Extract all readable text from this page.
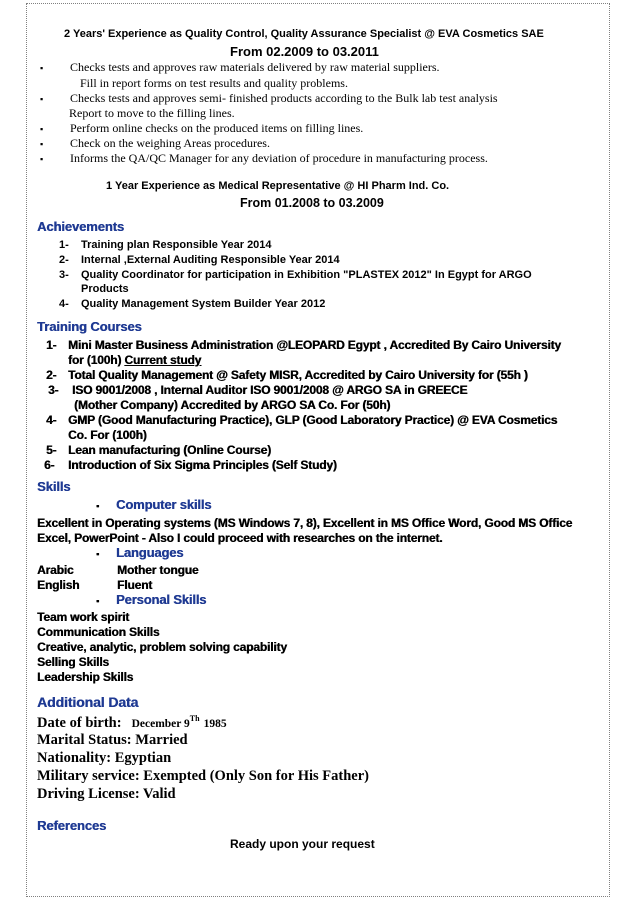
2 Years' Experience as Quality Control, Quality Assurance Specialist @ EVA Cosmetics SAE
From 02.2009 to 03.2011
▪ Checks tests and approves raw materials delivered by raw material suppliers.
Fill in report forms on test results and quality problems.
▪ Checks tests and approves semi- finished products according to the Bulk lab test analysis
Report to move to the filling lines.
▪ Perform online checks on the produced items on filling lines.
▪ Check on the weighing Areas procedures.
▪ Informs the QA/QC Manager for any deviation of procedure in manufacturing process.
1 Year Experience as Medical Representative @ HI Pharm Ind. Co.
From 01.2008 to 03.2009
Achievements
1- Training plan Responsible Year 2014
2- Internal ,External Auditing Responsible Year 2014
3- Quality Coordinator for participation in Exhibition "PLASTEX 2012" In Egypt for ARGO
Products
4- Quality Management System Builder Year 2012
Training Courses
1- Mini Master Business Administration @LEOPARD Egypt , Accredited By Cairo University
for (100h) Current study
2- Total Quality Management @ Safety MISR, Accredited by Cairo University for (55h )
3- ISO 9001/2008 , Internal Auditor ISO 9001/2008 @ ARGO SA in GREECE
(Mother Company) Accredited by ARGO SA Co. For (50h)
4- GMP (Good Manufacturing Practice), GLP (Good Laboratory Practice) @ EVA Cosmetics
Co. For (100h)
5- Lean manufacturing (Online Course)
6- Introduction of Six Sigma Principles (Self Study)
Skills
▪ Computer skills
Excellent in Operating systems (MS Windows 7, 8), Excellent in MS Office Word, Good MS Office
Excel, PowerPoint - Also I could proceed with researches on the internet.
▪ Languages
Arabic	Mother tongue
English	Fluent
▪ Personal Skills
Team work spirit
Communication Skills
Creative, analytic, problem solving capability
Selling Skills
Leadership Skills
Additional Data
Date of birth: December 9Th 1985
Marital Status: Married
Nationality: Egyptian
Military service: Exempted (Only Son for His Father)
Driving License: Valid
References
Ready upon your request
